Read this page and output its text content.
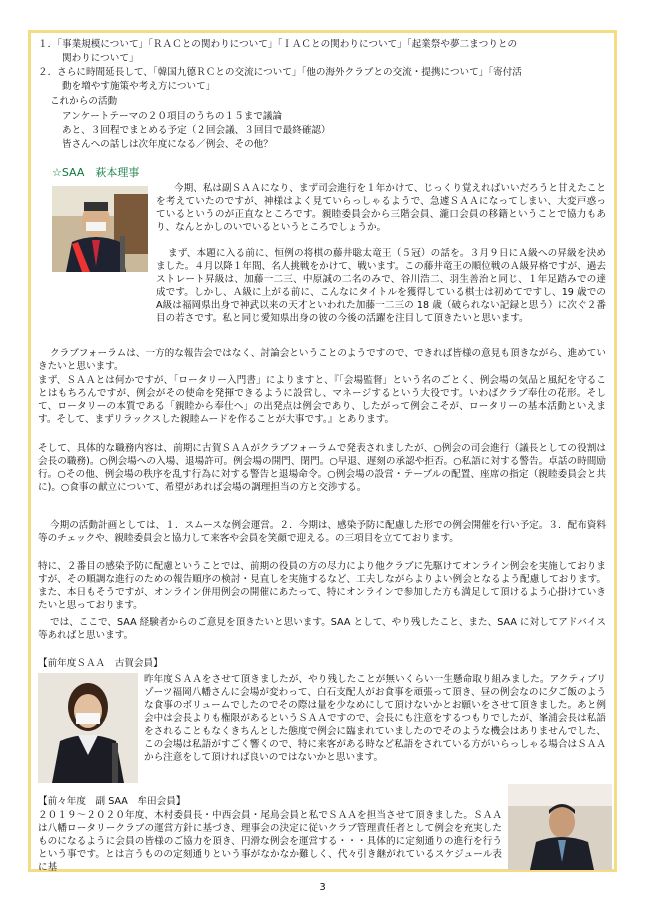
１．「事業規模について」「ＲＡＣとの関わりについて」「ＩＡＣとの関わりについて」「起業祭や夢二まつりとの
関わりについて」
２．さらに時間延長して、「韓国九德ＲＣとの交流について」「他の海外クラブとの交流・提携について」「寄付活
動を増やす施策や考え方について」
これからの活動
アンケートテーマの２０項目のうちの１５まで議論
あと、３回程でまとめる予定（２回会議、３回目で最終確認）
皆さんへの話しは次年度になる／例会、その他？
☆SAA　萩本理事
今期、私は副ＳＡＡになり、まず司会進行を１年かけて、じっくり覚えればいいだろうと甘えたことを考えていたのですが、神様はよく見ていらっしゃるようで、急遽ＳＡＡになってしまい、大変戸惑っているというのが正直なところです。親睦委員会から三階会員、瀧口会員の移籍ということで協力もあり、なんとかしのいでいるというところでしょうか。
まず、本題に入る前に、恒例の将棋の藤井聡太竜王（５冠）の話を。３月９日にＡ級への昇級を決めました。４月以降１年間、名人挑戦をかけて、戦います。この藤井竜王の順位戦のＡ級昇格ですが、過去ストレート昇級は、加藤一二三、中原誠の二名のみで、谷川浩二、羽生善治と同じ、１年足踏みでの達成です。しかし、Ａ級に上がる前に、こんなにタイトルを獲得している棋士は初めてですし、19 歳での A級は福岡県出身で神武以来の天才といわれた加藤一二三の 18 歳（破られない記録と思う）に次ぐ２番目の若さです。私と同じ愛知県出身の彼の今後の活躍を注目して頂きたいと思います。
クラブフォーラムは、一方的な報告会ではなく、討論会ということのようですので、できれば皆様の意見も頂きながら、進めていきたいと思います。
まず、ＳＡＡとは何かですが、「ロータリー入門書」によりますと、『「会場監督」という名のごとく、例会場の気品と風紀を守ることはもちろんですが、例会がその使命を発揮できるように設営し、マネージするという大役です。いわばクラブ奉仕の花形。そして、ロータリーの本質である「親睦から奉仕へ」の出発点は例会であり、したがって例会こそが、ロータリーの基本活動といえます。そして、まずリラックスした親睦ムードを作ることが大事です。』とあります。
そして、具体的な職務内容は、前期に古賀ＳＡＡがクラブフォーラムで発表されましたが、○例会の司会進行（議長としての役割は会長の職務)。○例会場への入場、退場許可。例会場の開門、閉門。○早退、遅刻の承認や拒否。○私語に対する警告。卓話の時間励行。○その他、例会場の秩序を乱す行為に対する警告と退場命令。○例会場の設営・テーブルの配置、座席の指定（親睦委員会と共に)。○食事の献立について、希望があれば会場の調理担当の方と交渉する。
今期の活動計画としては、１．スムースな例会運営。２．今期は、感染予防に配慮した形での例会開催を行い予定。３．配布資料等のチェックや、親睦委員会と協力して来客や会員を笑顔で迎える。の三項目を立てております。
特に、２番目の感染予防に配慮ということでは、前期の役員の方の尽力により他クラブに先駆けてオンライン例会を実施しておりますが、その順調な進行のための報告順序の検討・見直しを実施するなど、工夫しながらよりよい例会となるよう配慮しております。また、本日もそうですが、オンライン併用例会の開催にあたって、特にオンラインで参加した方も満足して頂けるよう心掛けていきたいと思っております。
では、ここで、SAA 経験者からのご意見を頂きたいと思います。SAA として、やり残したこと、また、SAA に対してアドバイス等あればと思います。
【前年度ＳＡＡ　古賀会員】
昨年度ＳＡＡをさせて頂きましたが、やり残したことが無いくらい一生懸命取り組みました。アクティブリゾーツ福岡八幡さんに会場が変わって、白石支配人がお食事を頑張って頂き、昼の例会なのに夕ご飯のような食事のボリュームでしたのでその際は量を少なめにして頂けないかとお願いをさせて頂きました。あと例会中は会長よりも権限があるというＳＡＡですので、会長にも注意をするつもりでしたが、峯浦会長は私語をされることもなくきちんとした態度で例会に臨まれていましたのでそのような機会はありませんでした、この会場は私語がすごく響くので、特に来客がある時など私語をされている方がいらっしゃる場合はＳＡＡから注意をして頂ければ良いのではないかと思います。
【前々年度　副 SAA　牟田会員】
２０１９～２０２０年度、木村委員長・中西会員・尾鳥会員と私でＳＡＡを担当させて頂きました。ＳＡＡは八幡ロータリークラブの運営方針に基づき、理事会の決定に従いクラブ管理責任者として例会を充実したものになるように会員の皆様のご協力を頂き、円滑な例会を運営する・・・具体的に定刻通りの進行を行うという事です。とは言うものの定刻通りという事がなかなか難しく、代々引き継がれているスケジュール表に基
3
